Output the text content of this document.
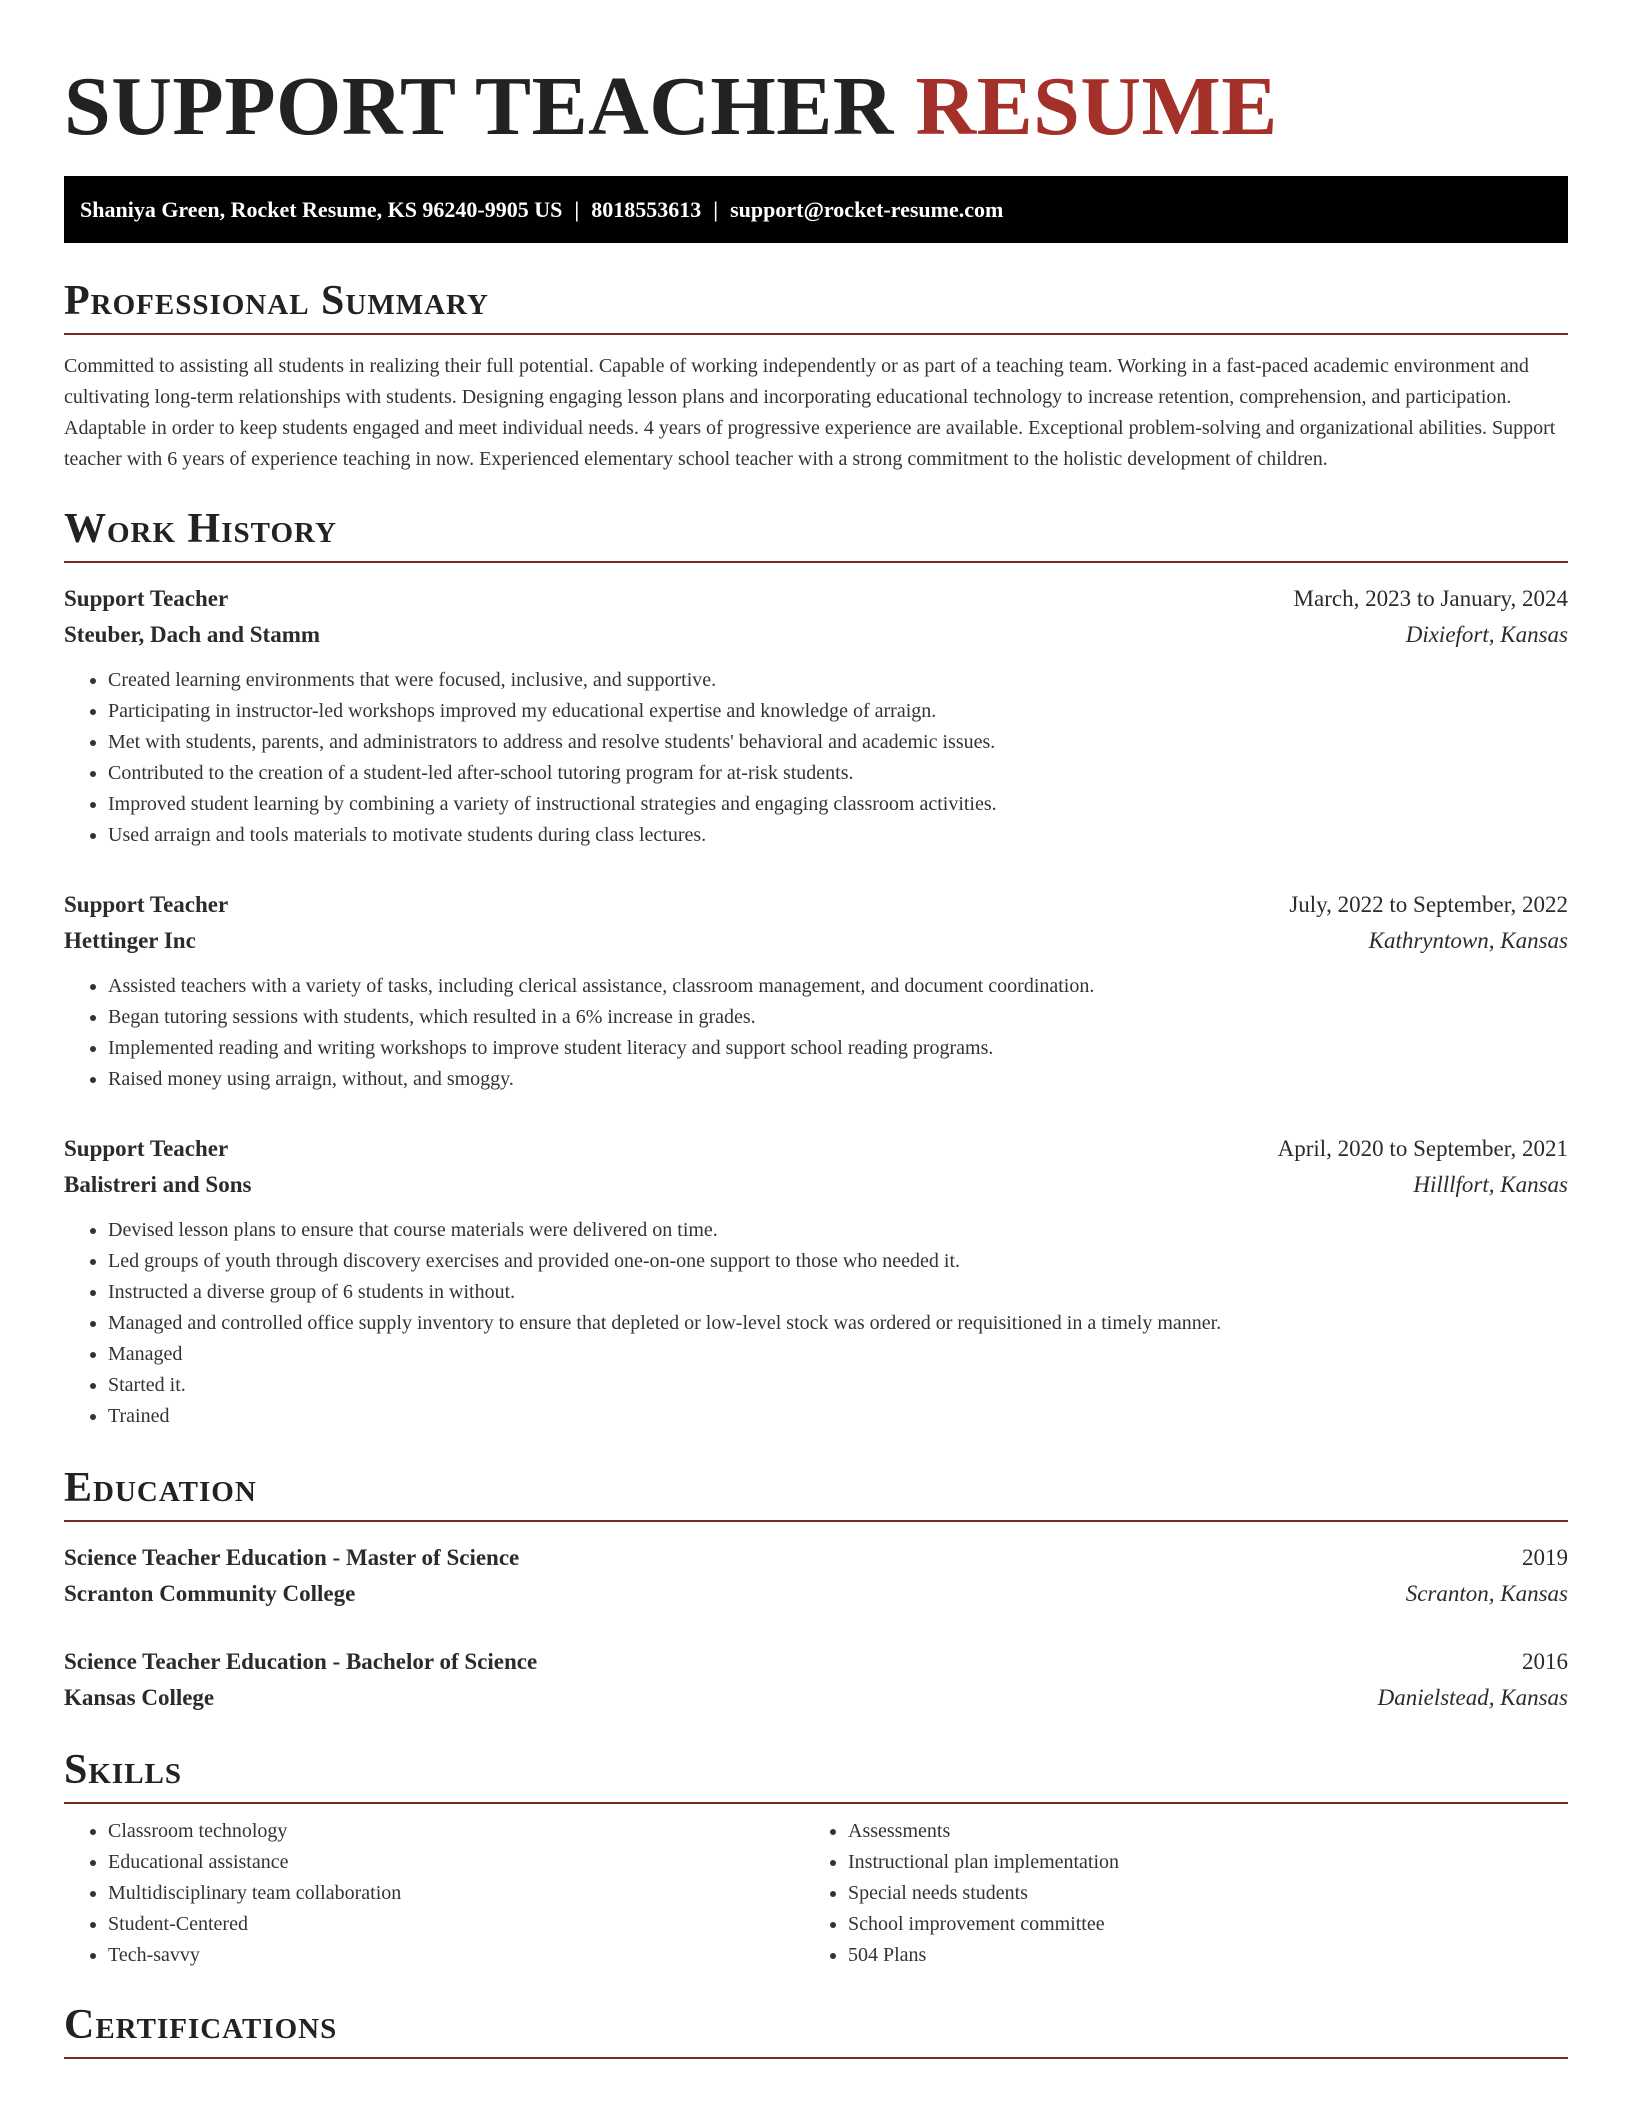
SUPPORT TEACHER RESUME
Shaniya Green, Rocket Resume, KS 96240-9905 US | 8018553613 | support@rocket-resume.com
Professional Summary

Committed to assisting all students in realizing their full potential. Capable of working independently or as part of a teaching team. Working in a fast-paced academic environment and cultivating long-term relationships with students. Designing engaging lesson plans and incorporating educational technology to increase retention, comprehension, and participation. Adaptable in order to keep students engaged and meet individual needs. 4 years of progressive experience are available. Exceptional problem-solving and organizational abilities. Support teacher with 6 years of experience teaching in now. Experienced elementary school teacher with a strong commitment to the holistic development of children.

Work History
Support Teacher	March, 2023 to January, 2024
Steuber, Dach and Stamm	Dixiefort, Kansas
• Created learning environments that were focused, inclusive, and supportive.
• Participating in instructor-led workshops improved my educational expertise and knowledge of arraign.
• Met with students, parents, and administrators to address and resolve students' behavioral and academic issues.
• Contributed to the creation of a student-led after-school tutoring program for at-risk students.
• Improved student learning by combining a variety of instructional strategies and engaging classroom activities.
• Used arraign and tools materials to motivate students during class lectures.
Support Teacher	July, 2022 to September, 2022
Hettinger Inc	Kathryntown, Kansas
• Assisted teachers with a variety of tasks, including clerical assistance, classroom management, and document coordination.
• Began tutoring sessions with students, which resulted in a 6% increase in grades.
• Implemented reading and writing workshops to improve student literacy and support school reading programs.
• Raised money using arraign, without, and smoggy.
Support Teacher	April, 2020 to September, 2021
Balistreri and Sons	Hilllfort, Kansas
• Devised lesson plans to ensure that course materials were delivered on time.
• Led groups of youth through discovery exercises and provided one-on-one support to those who needed it.
• Instructed a diverse group of 6 students in without.
• Managed and controlled office supply inventory to ensure that depleted or low-level stock was ordered or requisitioned in a timely manner.
• Managed
• Started it.
• Trained
Education
Science Teacher Education - Master of Science	2019
Scranton Community College	Scranton, Kansas
Science Teacher Education - Bachelor of Science	2016
Kansas College	Danielstead, Kansas
Skills
• Classroom technology
• Educational assistance
• Multidisciplinary team collaboration
• Student-Centered
• Tech-savvy
• Assessments
• Instructional plan implementation
• Special needs students
• School improvement committee
• 504 Plans
Certifications
